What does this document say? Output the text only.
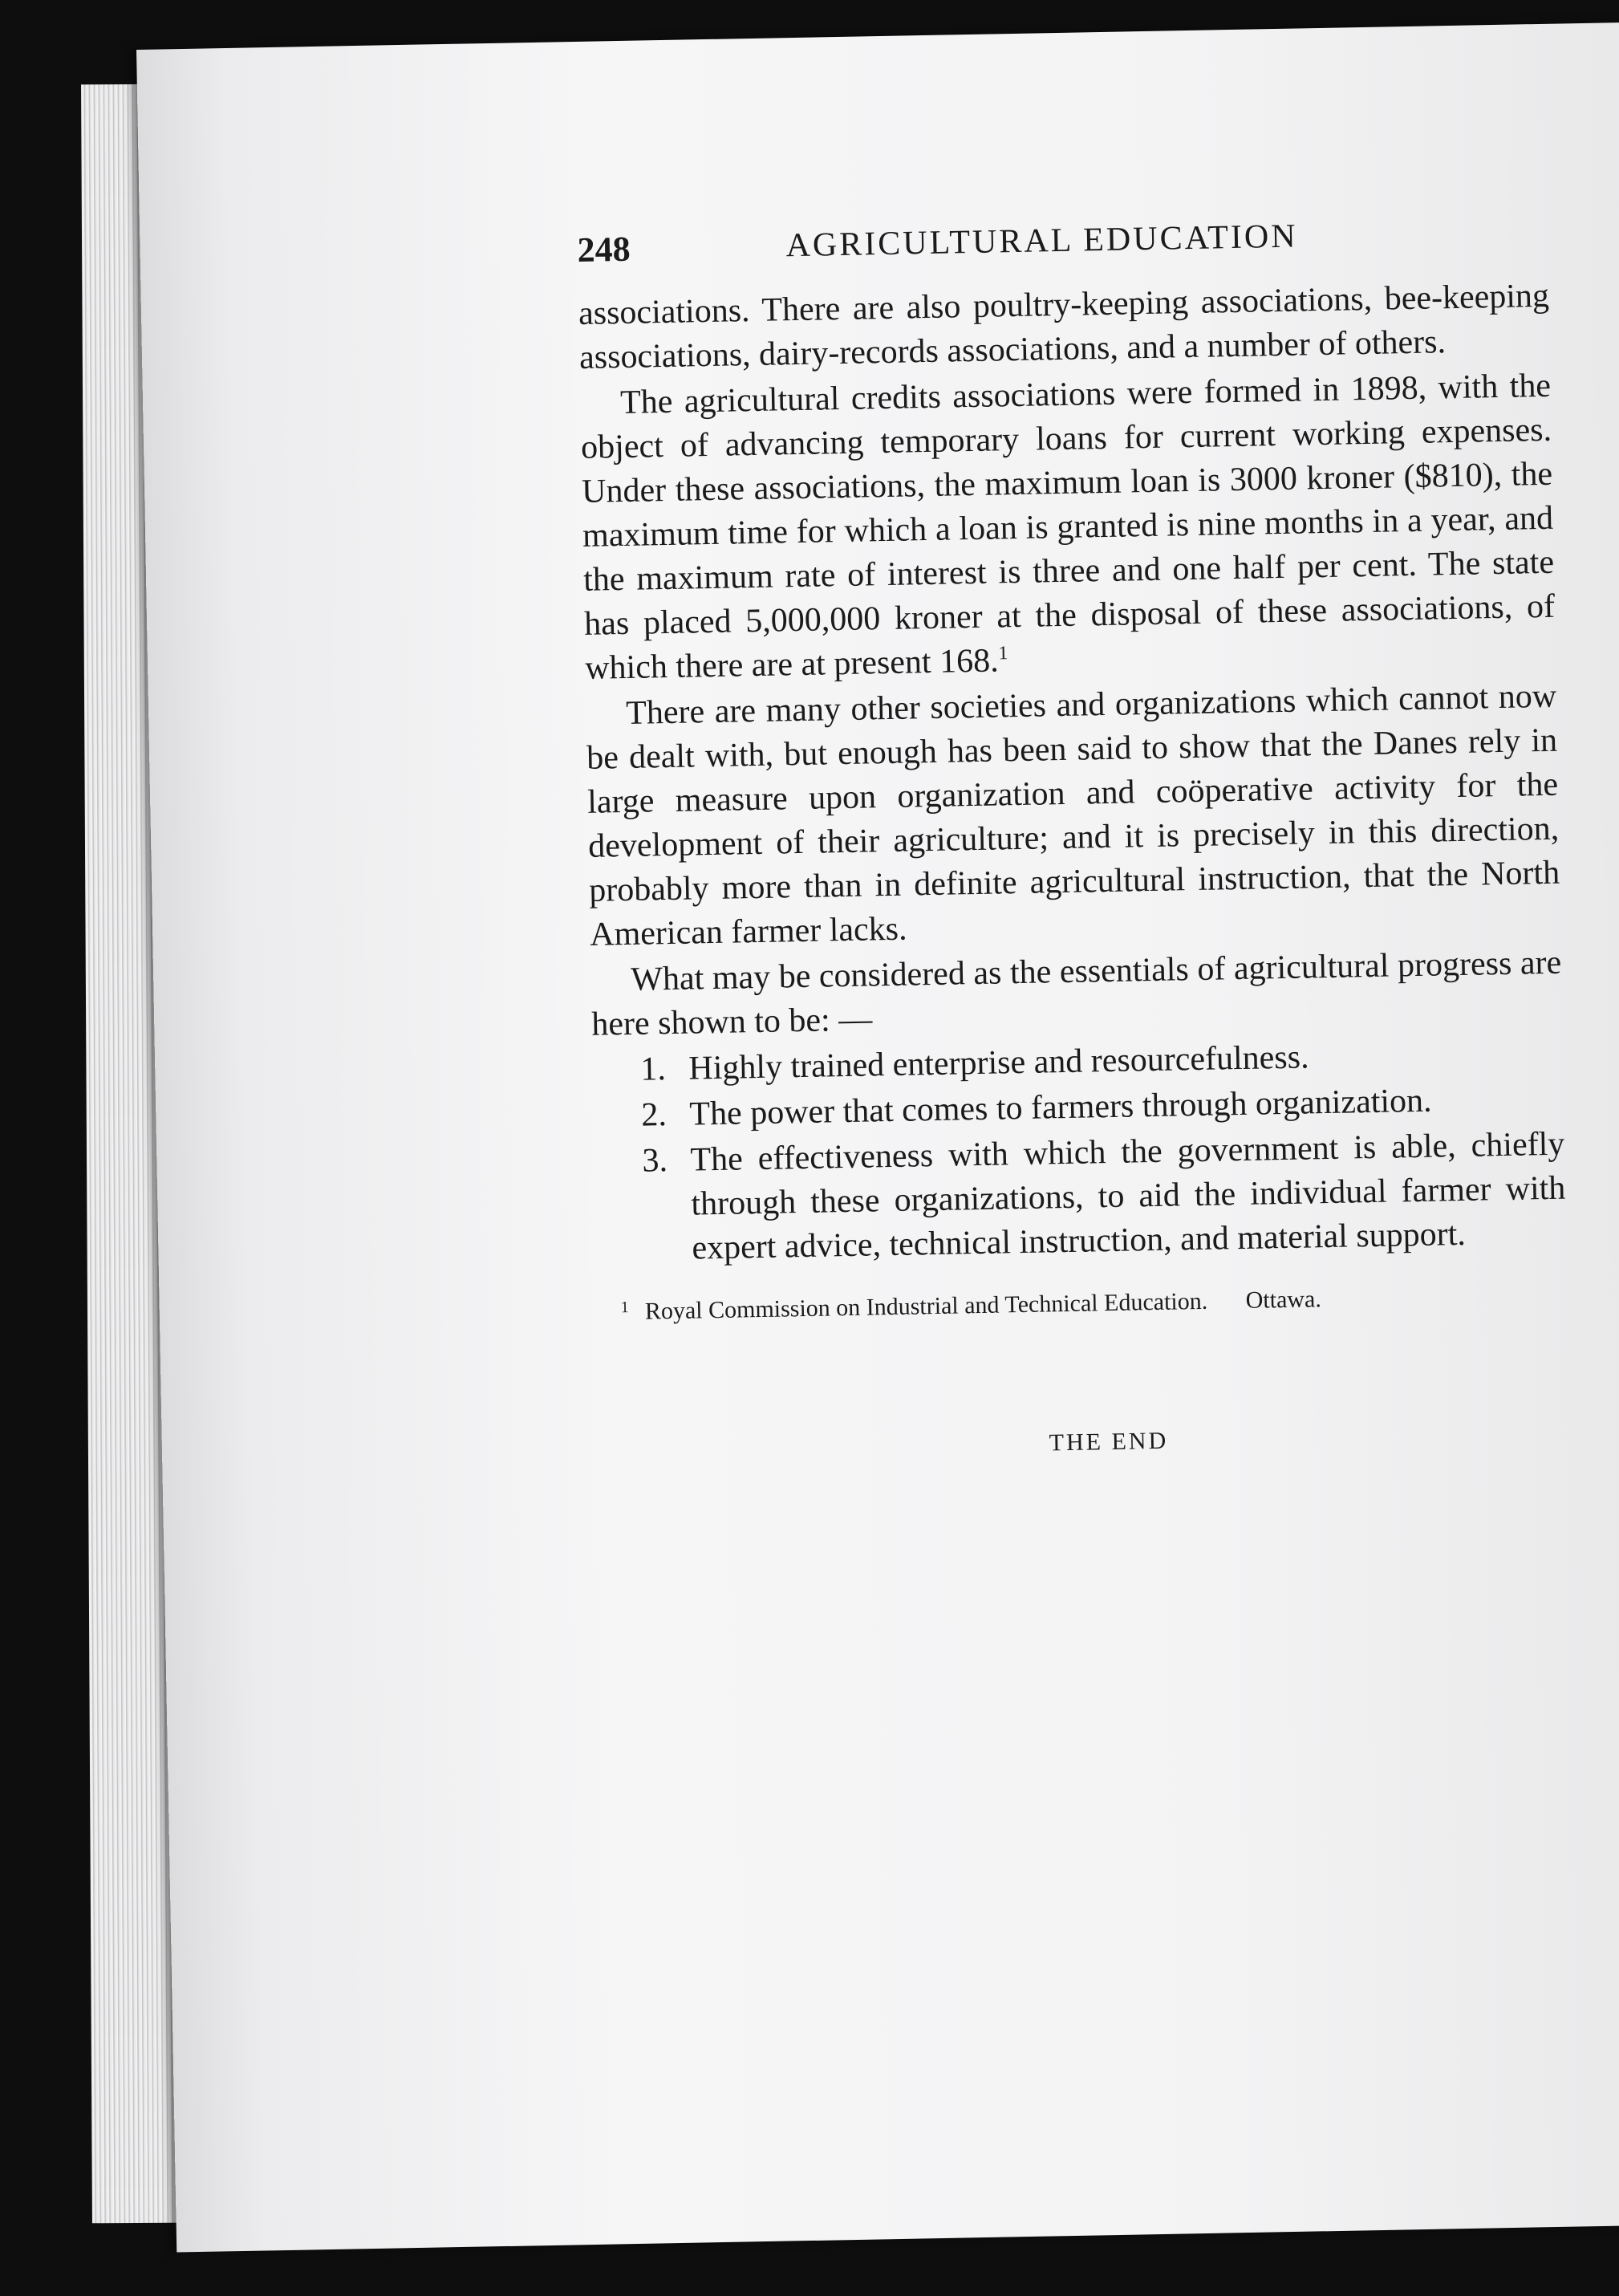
248	AGRICULTURAL EDUCATION

associations. There are also poultry-keeping associations, bee-keeping associations, dairy-records associations, and a number of others.

The agricultural credits associations were formed in 1898, with the object of advancing temporary loans for current working expenses. Under these associations, the maximum loan is 3000 kroner ($810), the maximum time for which a loan is granted is nine months in a year, and the maximum rate of interest is three and one half per cent. The state has placed 5,000,000 kroner at the disposal of these associations, of which there are at present 168.$^1$

There are many other societies and organizations which cannot now be dealt with, but enough has been said to show that the Danes rely in large measure upon organization and coöperative activity for the development of their agriculture; and it is precisely in this direction, probably more than in definite agricultural instruction, that the North American farmer lacks.

What may be considered as the essentials of agricultural progress are here shown to be: —

1. Highly trained enterprise and resourcefulness.
2. The power that comes to farmers through organization.
3. The effectiveness with which the government is able, chiefly through these organizations, to aid the individual farmer with expert advice, technical instruction, and material support.
1 Royal Commission on Industrial and Technical Education. Ottawa.
THE END
